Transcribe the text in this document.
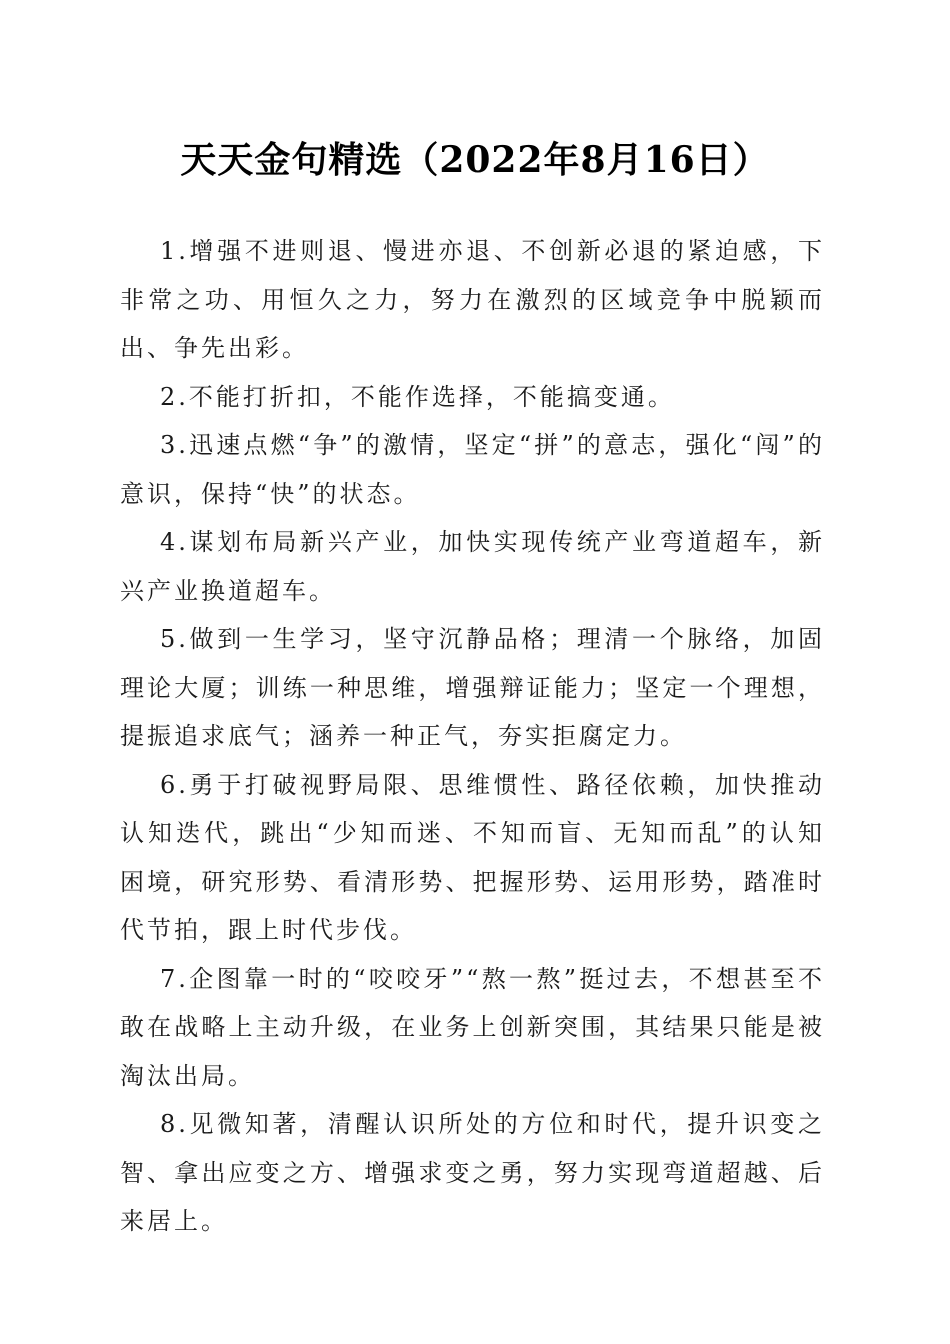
天天金句精选（2022年8月16日）

1.增强不进则退、慢进亦退、不创新必退的紧迫感，下非常之功、用恒久之力，努力在激烈的区域竞争中脱颖而出、争先出彩。

2.不能打折扣，不能作选择，不能搞变通。

3.迅速点燃“争”的激情，坚定“拼”的意志，强化“闯”的意识，保持“快”的状态。

4.谋划布局新兴产业，加快实现传统产业弯道超车，新兴产业换道超车。

5.做到一生学习，坚守沉静品格；理清一个脉络，加固理论大厦；训练一种思维，增强辩证能力；坚定一个理想，提振追求底气；涵养一种正气，夯实拒腐定力。

6.勇于打破视野局限、思维惯性、路径依赖，加快推动认知迭代，跳出“少知而迷、不知而盲、无知而乱”的认知困境，研究形势、看清形势、把握形势、运用形势，踏准时代节拍，跟上时代步伐。

7.企图靠一时的“咬咬牙”“熬一熬”挺过去，不想甚至不敢在战略上主动升级，在业务上创新突围，其结果只能是被淘汰出局。

8.见微知著，清醒认识所处的方位和时代，提升识变之智、拿出应变之方、增强求变之勇，努力实现弯道超越、后来居上。
